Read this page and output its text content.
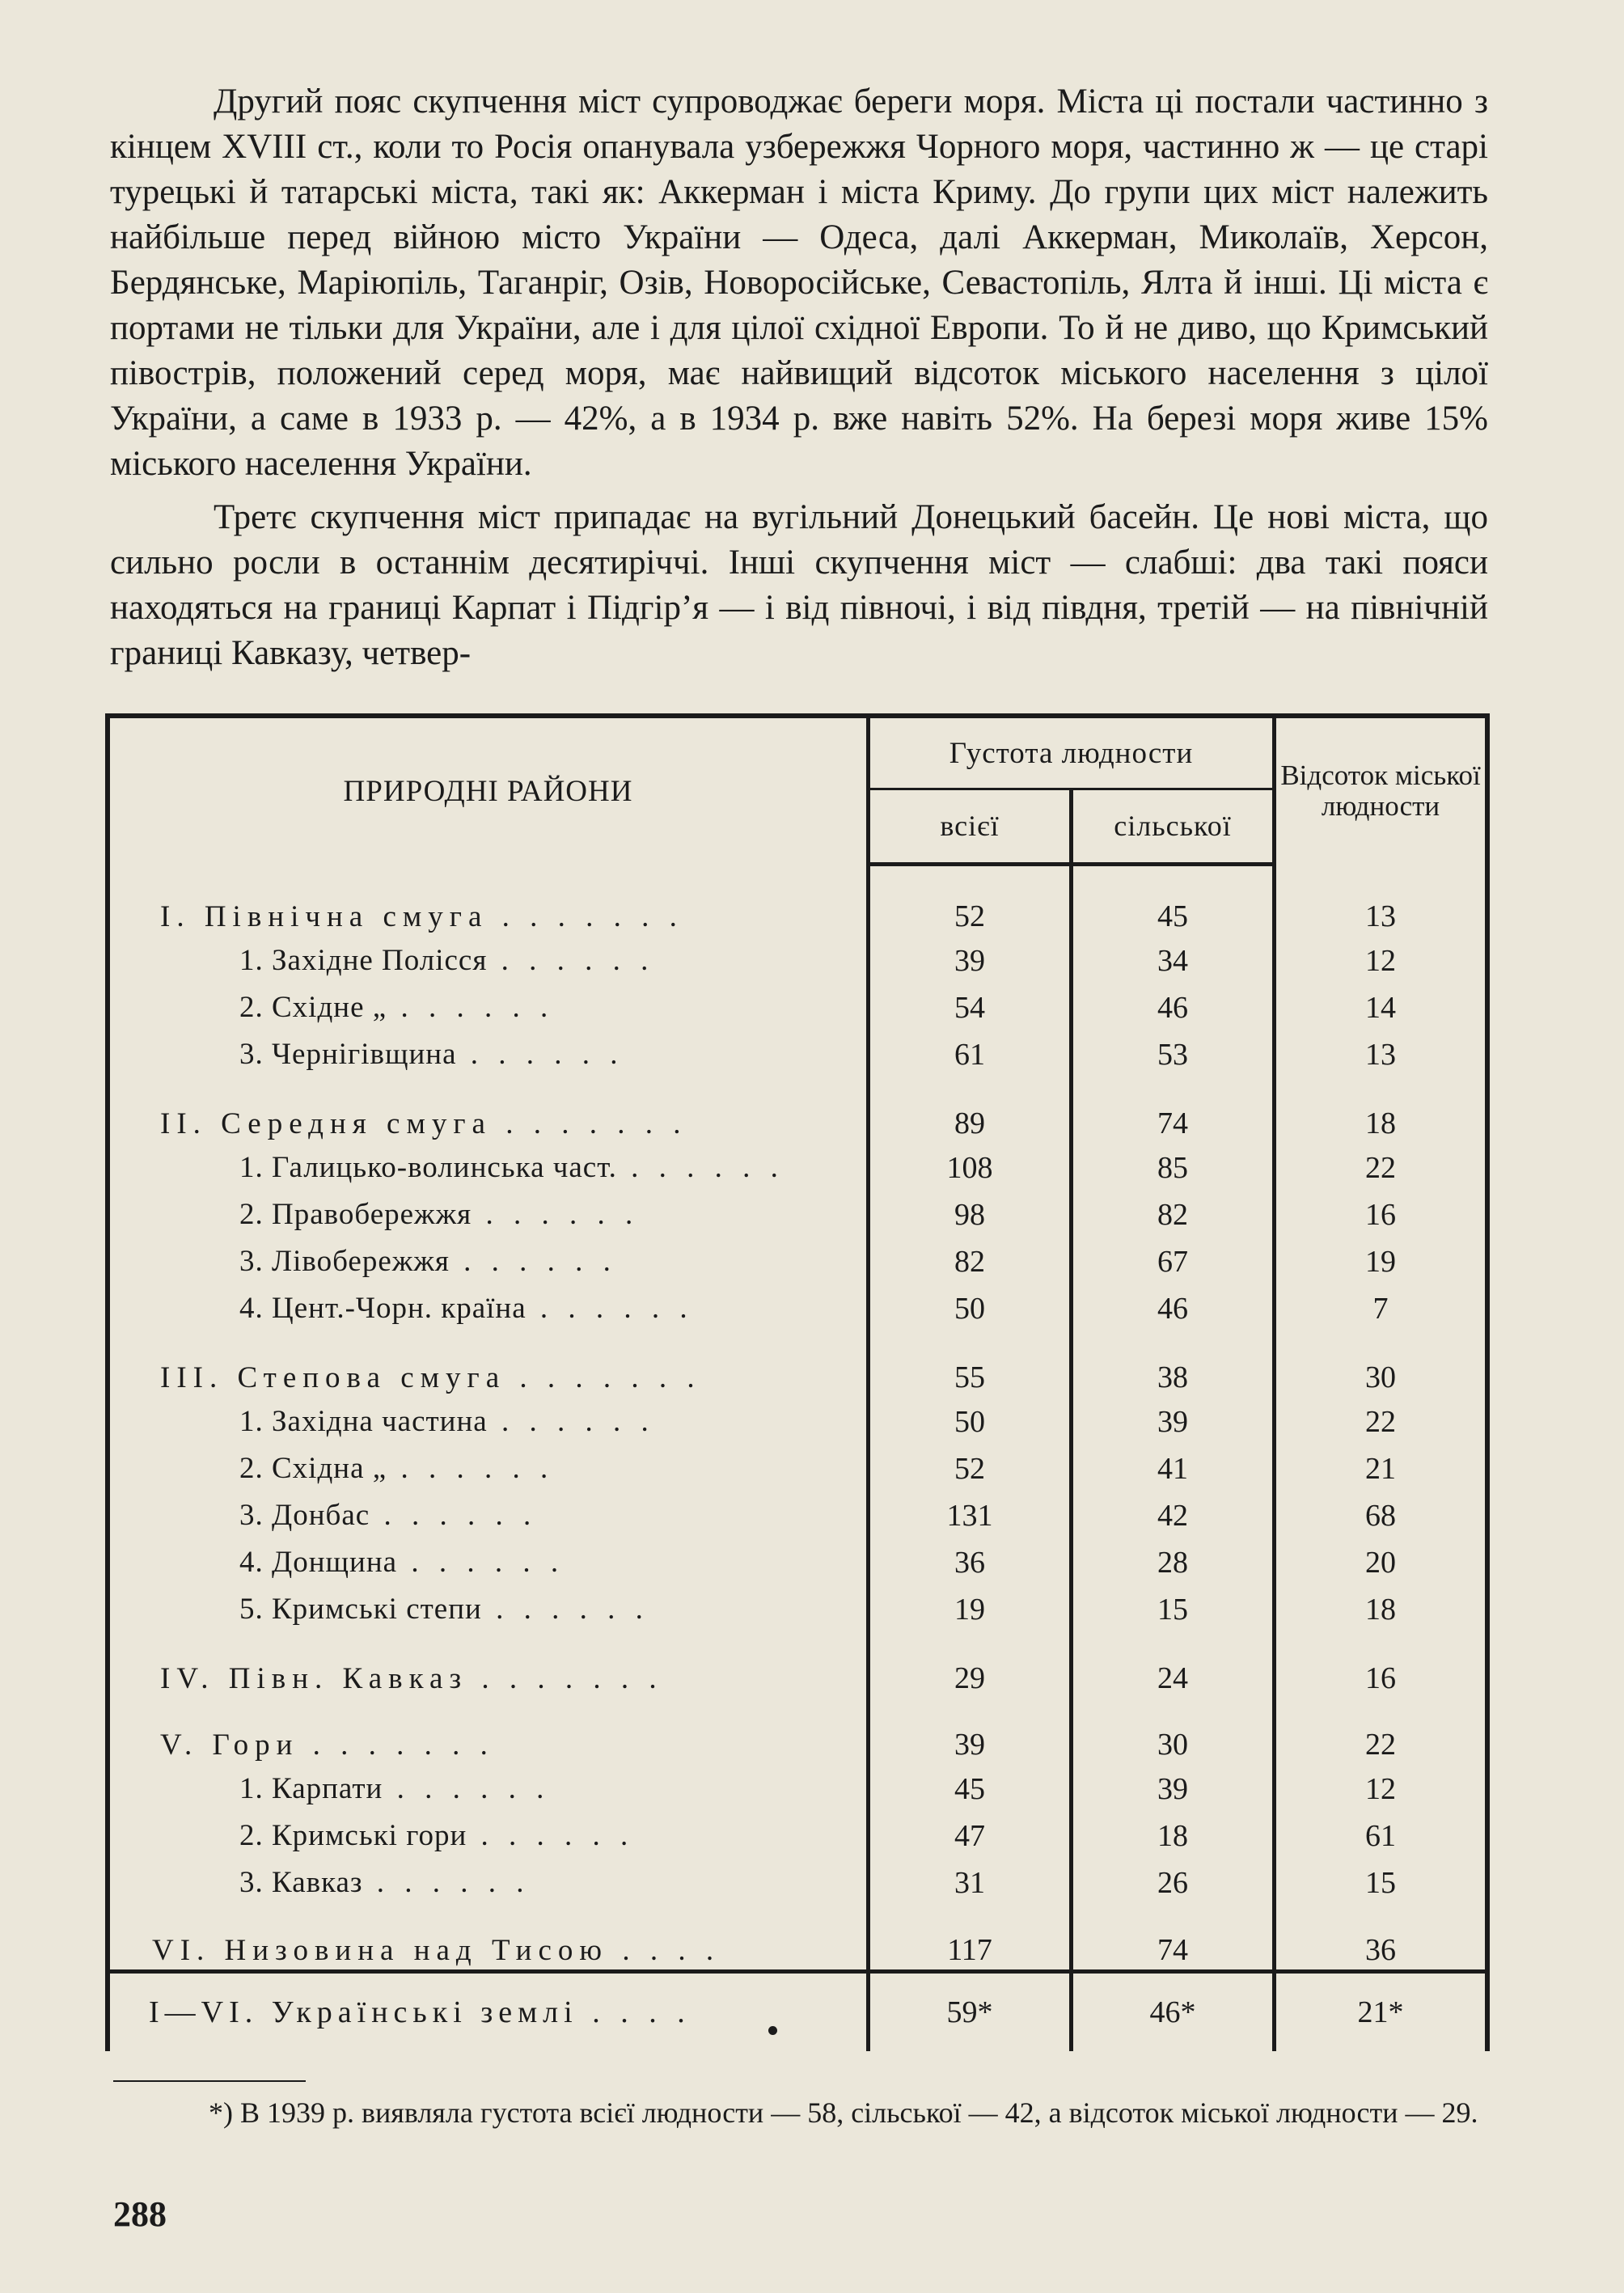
Другий пояс скупчення міст супроводжає береги моря. Міста ці постали частинно з кінцем XVIII ст., коли то Росія опанувала узбережжя Чорного моря, частинно ж — це старі турецькі й татарські міста, такі як: Аккерман і міста Криму. До групи цих міст належить найбільше перед війною місто України — Одеса, далі Аккерман, Миколаїв, Херсон, Бердянське, Маріюпіль, Таганріг, Озів, Новоросійське, Севастопіль, Ялта й інші. Ці міста є портами не тільки для України, але і для цілої східної Европи. То й не диво, що Кримський півострів, положений серед моря, має найвищий відсоток міського населення з цілої України, а саме в 1933 р. — 42%, а в 1934 р. вже навіть 52%. На березі моря живе 15% міського населення України.

Третє скупчення міст припадає на вугільний Донецький басейн. Це нові міста, що сильно росли в останнім десятиріччі. Інші скупчення міст — слабші: два такі пояси находяться на границі Карпат і Підгір’я — і від півночі, і від півдня, третій — на північній границі Кавказу, четвер-

ПРИРОДНІ РАЙОНИ	Густота людности		Відсоток міської людности
	всієї	сільської	

I. Північна смуга . . . . . . .	52	45	13
1. Західне Полісся . . . . . .	39	34	12
2. Східне „ . . . . . .	54	46	14
3. Чернігівщина . . . . . .	61	53	13
II. Середня смуга . . . . . . .	89	74	18
1. Галицько-волинська част. . . . . . .	108	85	22
2. Правобережжя . . . . . .	98	82	16
3. Лівобережжя . . . . . .	82	67	19
4. Цент.-Чорн. країна . . . . . .	50	46	7
III. Степова смуга . . . . . . .	55	38	30
1. Західна частина . . . . . .	50	39	22
2. Східна „ . . . . . .	52	41	21
3. Донбас . . . . . .	131	42	68
4. Донщина . . . . . .	36	28	20
5. Кримські степи . . . . . .	19	15	18
IV. Півн. Кавказ . . . . . . .	29	24	16
V. Гори . . . . . . .	39	30	22
1. Карпати . . . . . .	45	39	12
2. Кримські гори . . . . . .	47	18	61
3. Кавказ . . . . . .	31	26	15
VI. Низовина над Тисою . . . .	117	74	36
I—VI. Українські землі . . . .	59*	46*	21*
*) В 1939 р. виявляла густота всієї людности — 58, сільської — 42, а відсоток міської людности — 29.
288
